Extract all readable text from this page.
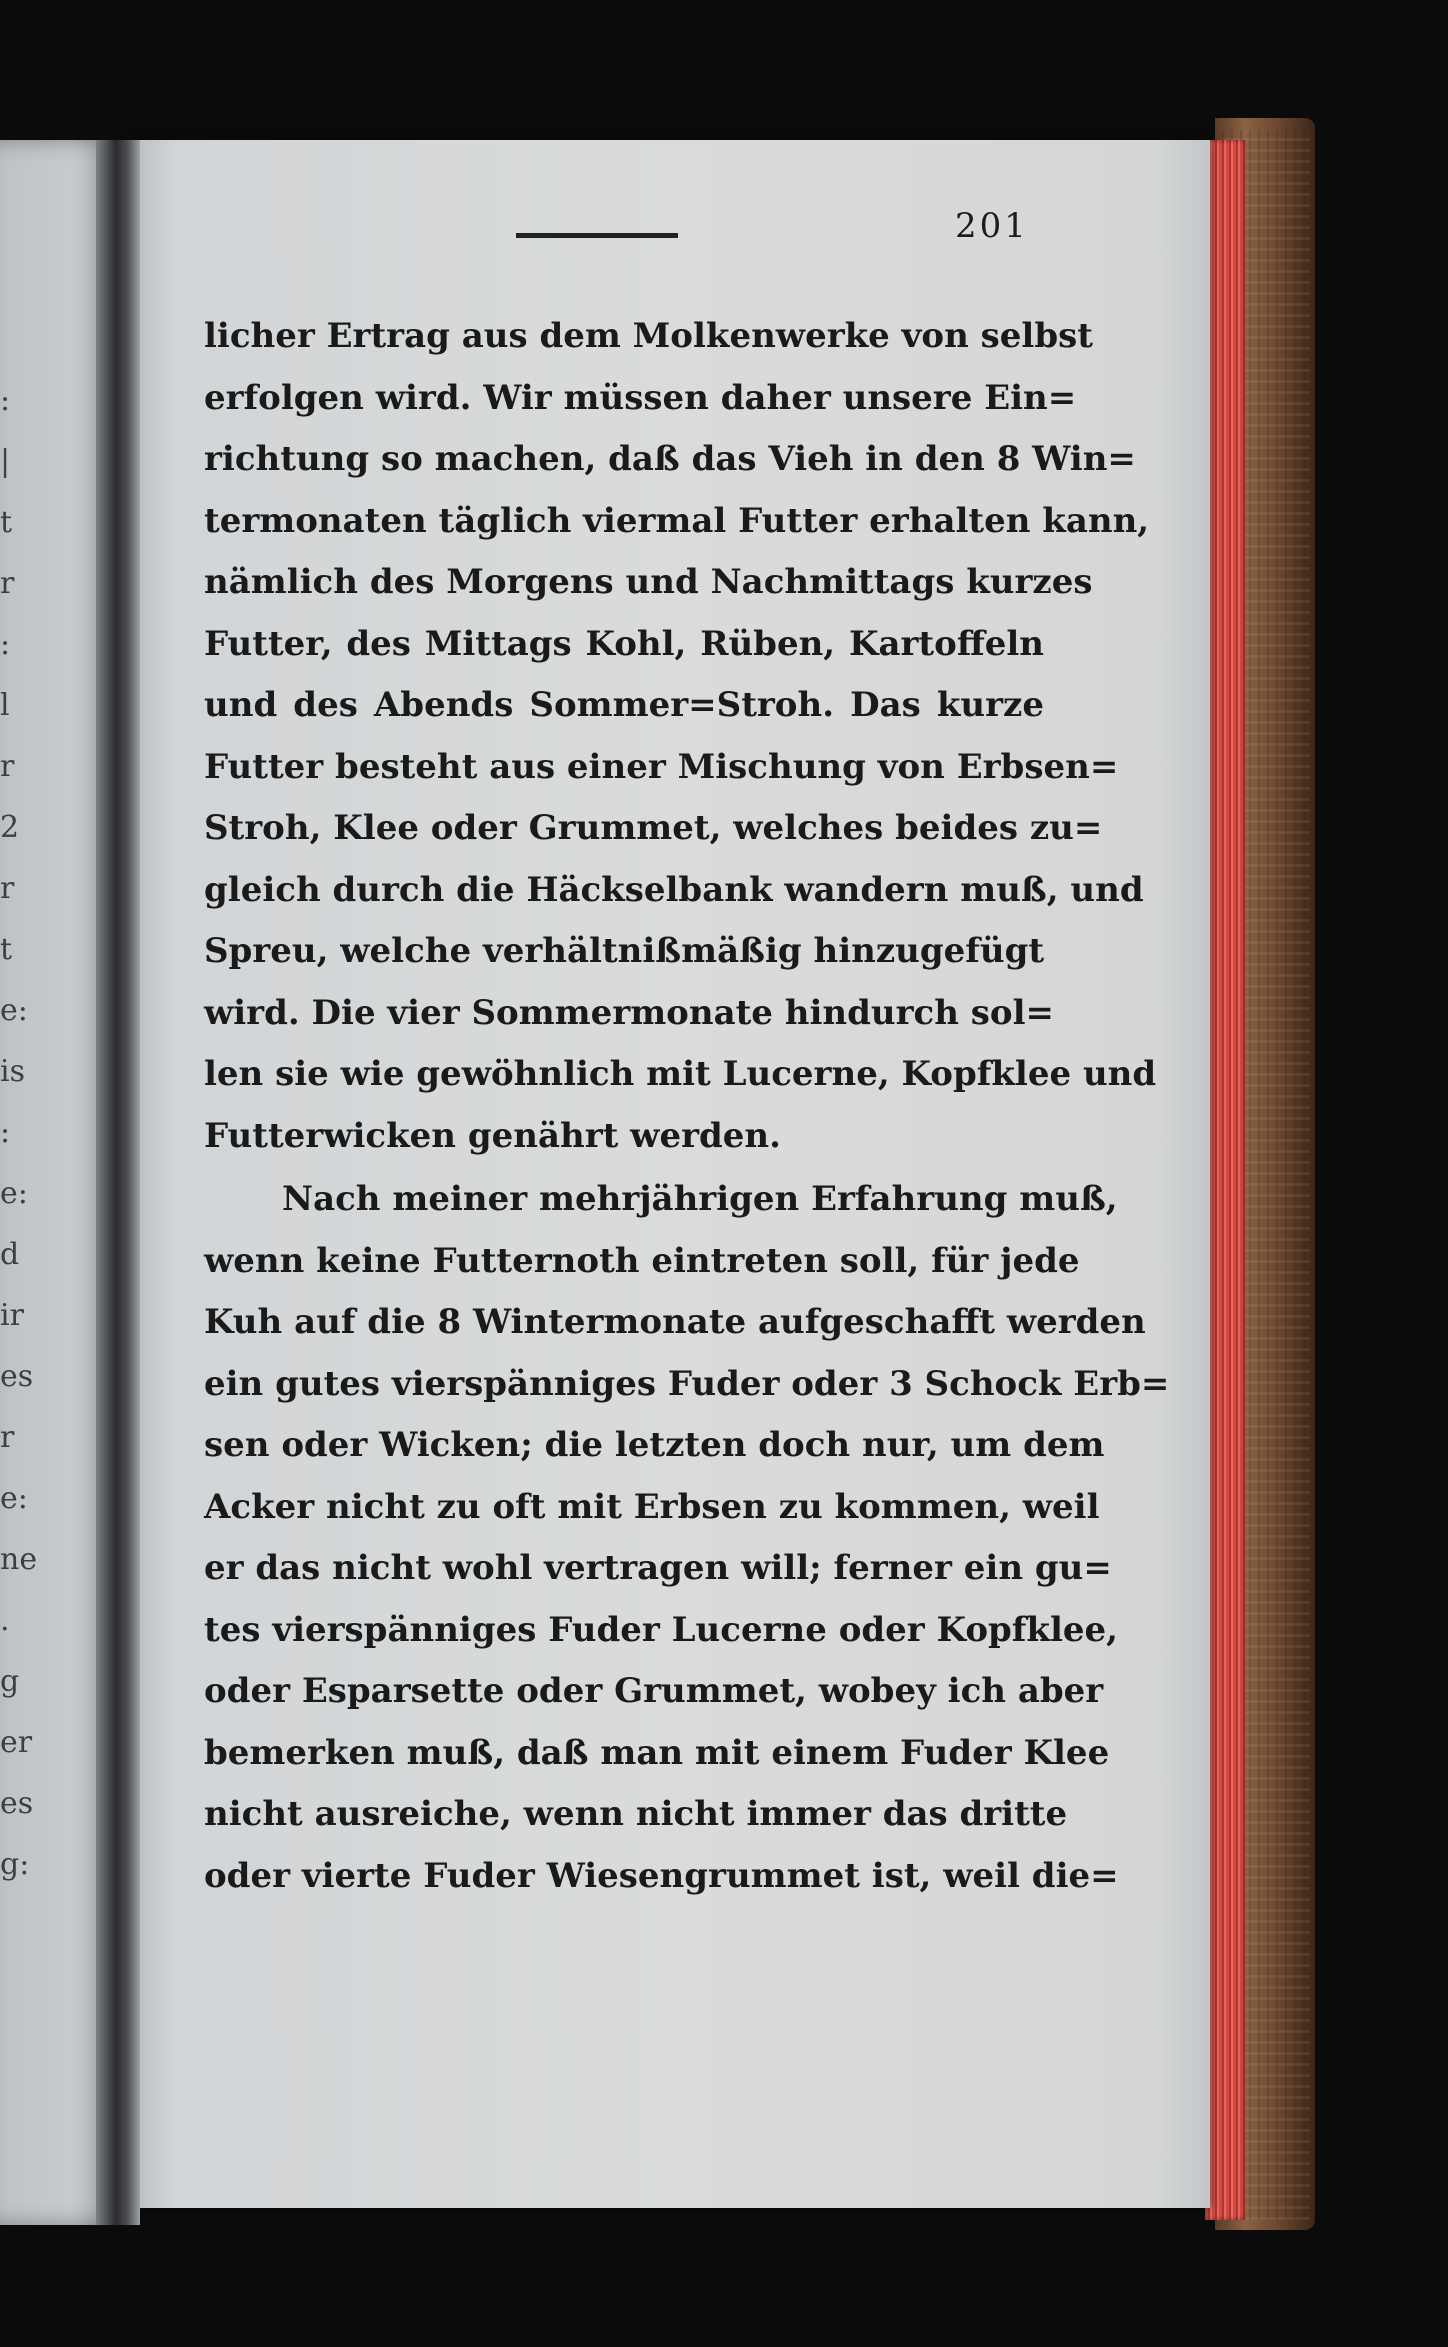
:
|
t
r
:
l
r
2
r
t
e:
is
:
e:
d
ir
es
r
e:
ne
.
g
er
es
g:
201
licher Ertrag aus dem Molkenwerke von selbst
erfolgen wird. Wir müssen daher unsere Ein=
richtung so machen, daß das Vieh in den 8 Win=
termonaten täglich viermal Futter erhalten kann,
nämlich des Morgens und Nachmittags kurzes
Futter, des Mittags Kohl, Rüben, Kartoffeln
und des Abends Sommer=Stroh. Das kurze
Futter besteht aus einer Mischung von Erbsen=
Stroh, Klee oder Grummet, welches beides zu=
gleich durch die Häckselbank wandern muß, und
Spreu, welche verhältnißmäßig hinzugefügt
wird. Die vier Sommermonate hindurch sol=
len sie wie gewöhnlich mit Lucerne, Kopfklee und
Futterwicken genährt werden.
Nach meiner mehrjährigen Erfahrung muß,
wenn keine Futternoth eintreten soll, für jede
Kuh auf die 8 Wintermonate aufgeschafft werden
ein gutes vierspänniges Fuder oder 3 Schock Erb=
sen oder Wicken; die letzten doch nur, um dem
Acker nicht zu oft mit Erbsen zu kommen, weil
er das nicht wohl vertragen will; ferner ein gu=
tes vierspänniges Fuder Lucerne oder Kopfklee,
oder Esparsette oder Grummet, wobey ich aber
bemerken muß, daß man mit einem Fuder Klee
nicht ausreiche, wenn nicht immer das dritte
oder vierte Fuder Wiesengrummet ist, weil die=
